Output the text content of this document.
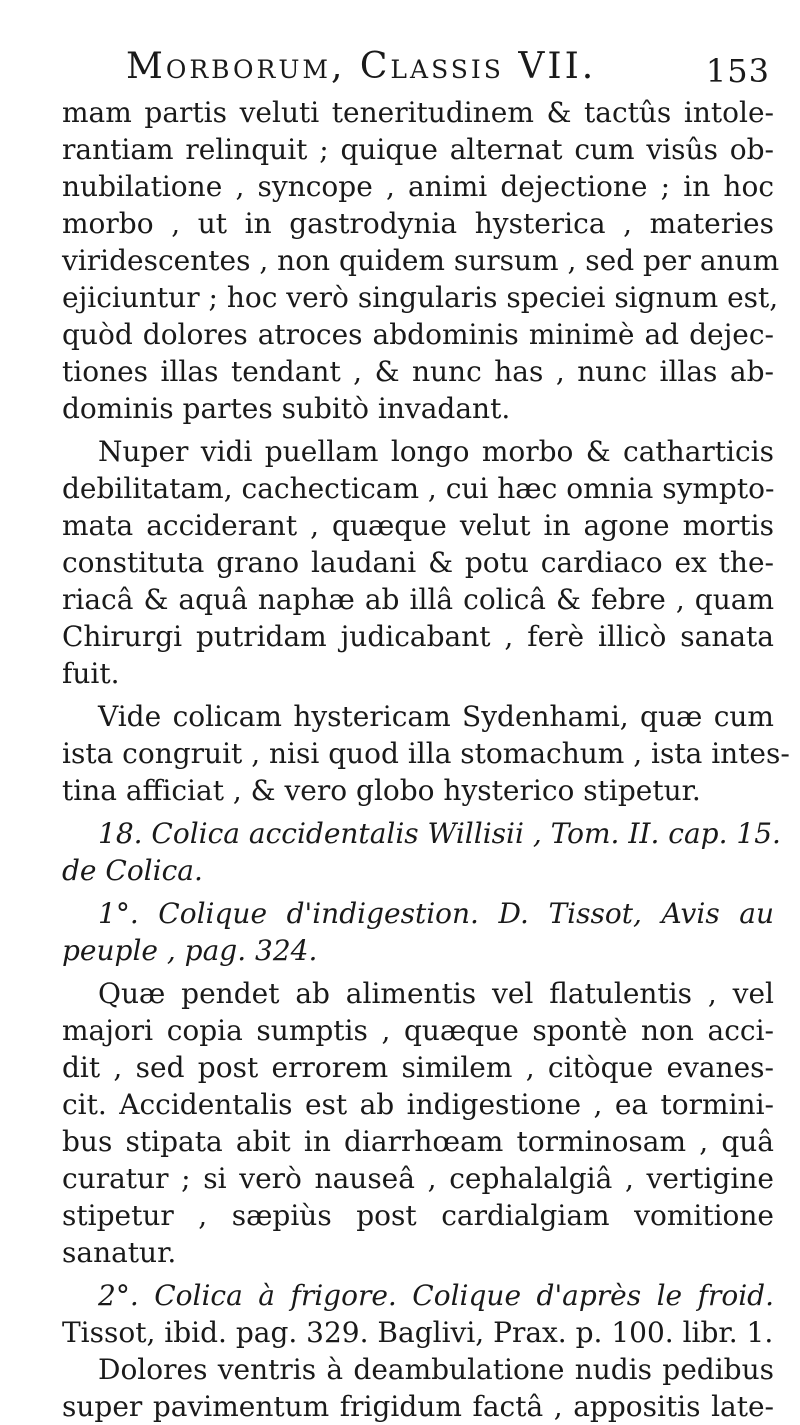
Morborum, Classis VII.	153
mam partis veluti teneritudinem & tactûs intole-
rantiam relinquit ; quique alternat cum visûs ob-
nubilatione , syncope , animi dejectione ; in hoc
morbo , ut in gastrodynia hysterica , materies
viridescentes , non quidem sursum , sed per anum
ejiciuntur ; hoc verò singularis speciei signum est,
quòd dolores atroces abdominis minimè ad dejec-
tiones illas tendant , & nunc has , nunc illas ab-
dominis partes subitò invadant.
Nuper vidi puellam longo morbo & catharticis
debilitatam, cachecticam , cui hæc omnia sympto-
mata acciderant , quæque velut in agone mortis
constituta grano laudani & potu cardiaco ex the-
riacâ & aquâ naphæ ab illâ colicâ & febre , quam
Chirurgi putridam judicabant , ferè illicò sanata
fuit.
Vide colicam hystericam Sydenhami, quæ cum
ista congruit , nisi quod illa stomachum , ista intes-
tina afficiat , & vero globo hysterico stipetur.
18. Colica accidentalis Willisii , Tom. II. cap. 15.
de Colica.
1°. Colique d'indigestion. D. Tissot, Avis au
peuple , pag. 324.
Quæ pendet ab alimentis vel flatulentis , vel
majori copia sumptis , quæque spontè non acci-
dit , sed post errorem similem , citòque evanes-
cit. Accidentalis est ab indigestione , ea tormini-
bus stipata abit in diarrhœam torminosam , quâ
curatur ; si verò nauseâ , cephalalgiâ , vertigine
stipetur , sæpiùs post cardialgiam vomitione
sanatur.
2°. Colica à frigore. Colique d'après le froid.
Tissot, ibid. pag. 329. Baglivi, Prax. p. 100. libr. 1.
Dolores ventris à deambulatione nudis pedibus
super pavimentum frigidum factâ , appositis late-
